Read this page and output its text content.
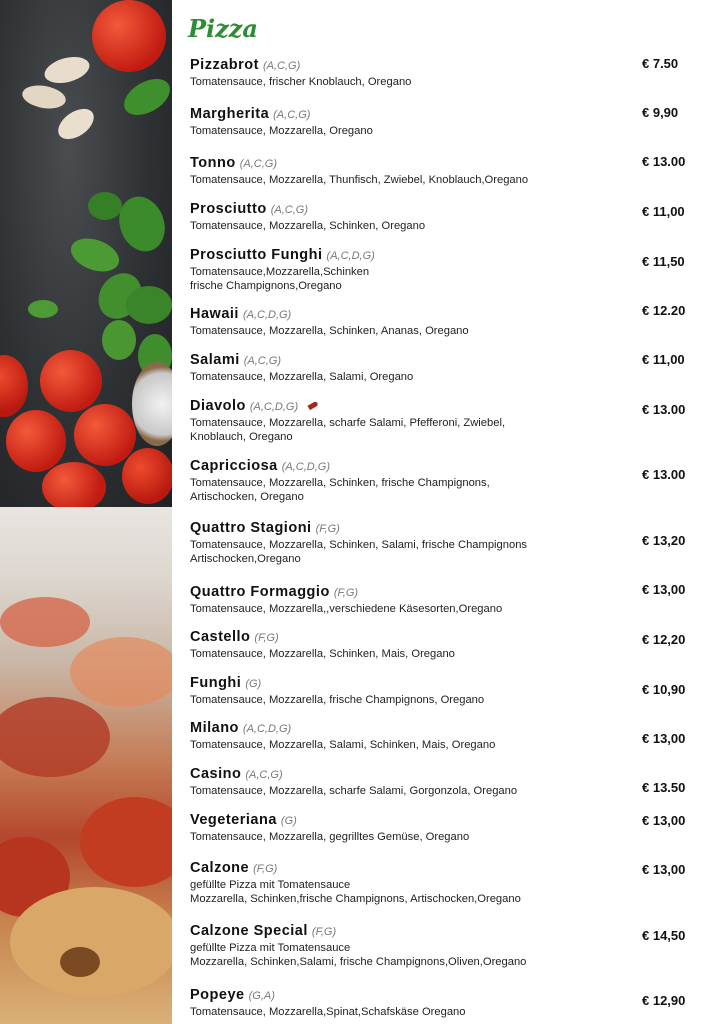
Pizza
Pizzabrot (A,C,G)
Tomatensauce, frischer Knoblauch, Oregano
€ 7.50
Margherita (A,C,G)
Tomatensauce, Mozzarella, Oregano
€ 9,90
Tonno (A,C,G)
Tomatensauce, Mozzarella, Thunfisch, Zwiebel, Knoblauch,Oregano
€ 13.00
Prosciutto (A,C,G)
Tomatensauce, Mozzarella, Schinken, Oregano
€ 11,00
Prosciutto Funghi (A,C,D,G)
Tomatensauce,Mozzarella,Schinken
frische Champignons,Oregano
€ 11,50
Hawaii (A,C,D,G)
Tomatensauce, Mozzarella, Schinken, Ananas, Oregano
€ 12.20
Salami (A,C,G)
Tomatensauce, Mozzarella, Salami, Oregano
€ 11,00
Diavolo (A,C,D,G)
Tomatensauce, Mozzarella, scharfe Salami, Pfefferoni, Zwiebel,
Knoblauch, Oregano
€ 13.00
Capricciosa (A,C,D,G)
Tomatensauce, Mozzarella, Schinken, frische Champignons,
Artischocken, Oregano
€ 13.00
Quattro Stagioni (F,G)
Tomatensauce, Mozzarella, Schinken, Salami, frische Champignons
Artischocken,Oregano
€ 13,20
Quattro Formaggio (F,G)
Tomatensauce, Mozzarella,,verschiedene Käsesorten,Oregano
€ 13,00
Castello (F,G)
Tomatensauce, Mozzarella, Schinken, Mais, Oregano
€ 12,20
Funghi (G)
Tomatensauce, Mozzarella, frische Champignons, Oregano
€ 10,90
Milano (A,C,D,G)
Tomatensauce, Mozzarella, Salami, Schinken, Mais, Oregano	€ 13,00
Casino (A,C,G)
Tomatensauce, Mozzarella, scharfe Salami, Gorgonzola, Oregano	€ 13.50
Vegeteriana (G)
Tomatensauce, Mozzarella, gegrilltes Gemüse, Oregano
€ 13,00
Calzone (F,G)
gefüllte Pizza mit Tomatensauce
Mozzarella, Schinken,frische Champignons, Artischocken,Oregano
€ 13,00
Calzone Special (F,G)
gefüllte Pizza mit Tomatensauce
Mozzarella, Schinken,Salami, frische Champignons,Oliven,Oregano
€ 14,50
Popeye (G,A)
Tomatensauce, Mozzarella,Spinat,Schafskäse Oregano
€ 12,90
